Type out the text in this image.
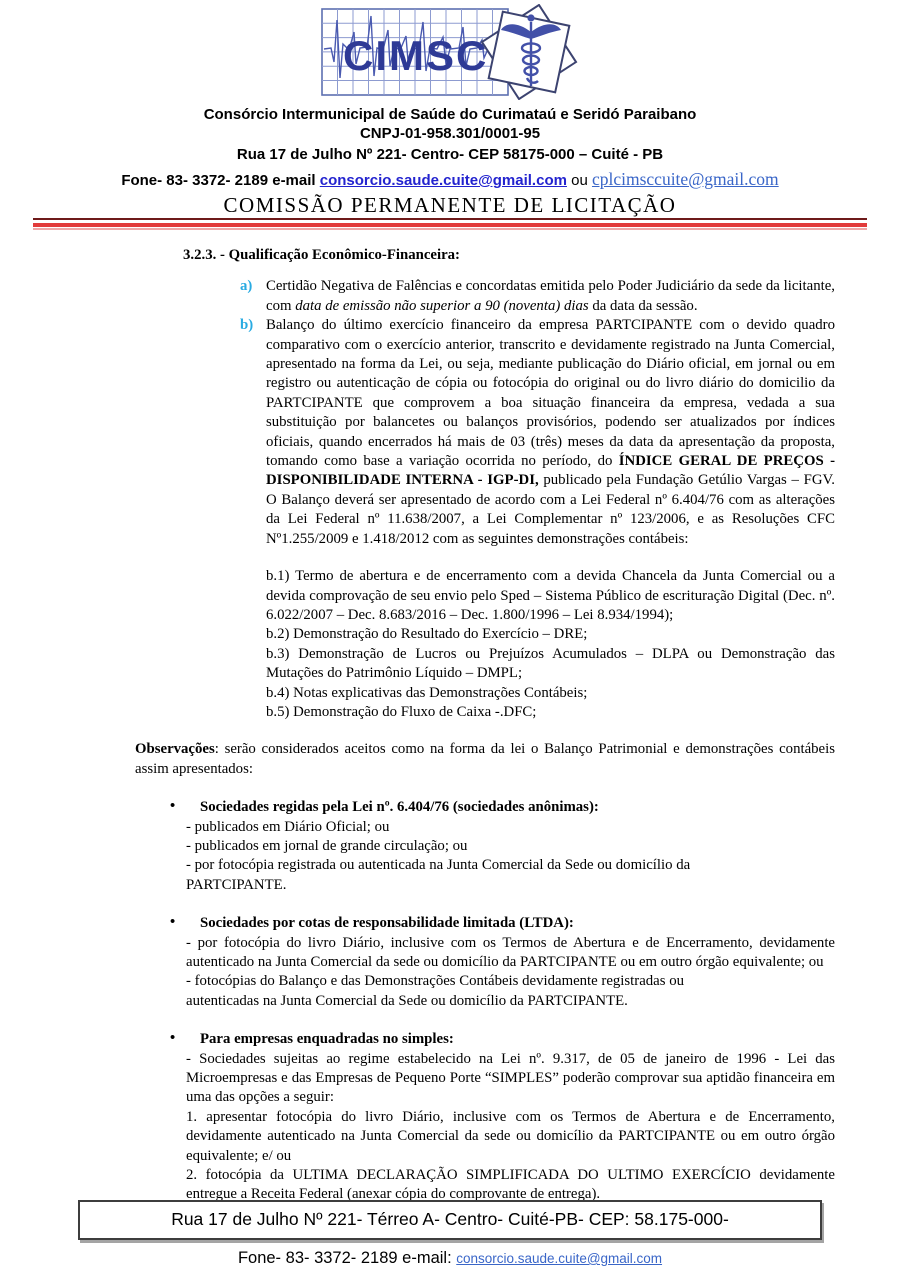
CIMSC
Consórcio Intermunicipal de Saúde do Curimataú e Seridó Paraibano
CNPJ-01-958.301/0001-95
Rua 17 de Julho Nº 221- Centro- CEP 58175-000 – Cuité - PB
Fone- 83- 3372- 2189 e-mail consorcio.saude.cuite@gmail.com ou cplcimsccuite@gmail.com
COMISSÃO PERMANENTE DE LICITAÇÃO
3.2.3. - Qualificação Econômico-Financeira:
a) Certidão Negativa de Falências e concordatas emitida pelo Poder Judiciário da sede da licitante, com data de emissão não superior a 90 (noventa) dias da data da sessão.
b) Balanço do último exercício financeiro da empresa PARTCIPANTE com o devido quadro comparativo com o exercício anterior, transcrito e devidamente registrado na Junta Comercial, apresentado na forma da Lei, ou seja, mediante publicação do Diário oficial, em jornal ou em registro ou autenticação de cópia ou fotocópia do original ou do livro diário do domicilio da PARTCIPANTE que comprovem a boa situação financeira da empresa, vedada a sua substituição por balancetes ou balanços provisórios, podendo ser atualizados por índices oficiais, quando encerrados há mais de 03 (três) meses da data da apresentação da proposta, tomando como base a variação ocorrida no período, do ÍNDICE GERAL DE PREÇOS - DISPONIBILIDADE INTERNA - IGP-DI, publicado pela Fundação Getúlio Vargas – FGV. O Balanço deverá ser apresentado de acordo com a Lei Federal nº 6.404/76 com as alterações da Lei Federal nº 11.638/2007, a Lei Complementar nº 123/2006, e as Resoluções CFC Nº1.255/2009 e 1.418/2012 com as seguintes demonstrações contábeis:
b.1) Termo de abertura e de encerramento com a devida Chancela da Junta Comercial ou a devida comprovação de seu envio pelo Sped – Sistema Público de escrituração Digital (Dec. nº. 6.022/2007 – Dec. 8.683/2016 – Dec. 1.800/1996 – Lei 8.934/1994);
b.2) Demonstração do Resultado do Exercício – DRE;
b.3) Demonstração de Lucros ou Prejuízos Acumulados – DLPA ou Demonstração das Mutações do Patrimônio Líquido – DMPL;
b.4) Notas explicativas das Demonstrações Contábeis;
b.5) Demonstração do Fluxo de Caixa -.DFC;
Observações: serão considerados aceitos como na forma da lei o Balanço Patrimonial e demonstrações contábeis assim apresentados:
•	Sociedades regidas pela Lei nº. 6.404/76 (sociedades anônimas):
- publicados em Diário Oficial; ou
- publicados em jornal de grande circulação; ou
- por fotocópia registrada ou autenticada na Junta Comercial da Sede ou domicílio da
PARTCIPANTE.
•	Sociedades por cotas de responsabilidade limitada (LTDA):
- por fotocópia do livro Diário, inclusive com os Termos de Abertura e de Encerramento, devidamente autenticado na Junta Comercial da sede ou domicílio da PARTCIPANTE ou em outro órgão equivalente; ou
- fotocópias do Balanço e das Demonstrações Contábeis devidamente registradas ou
autenticadas na Junta Comercial da Sede ou domicílio da PARTCIPANTE.
•	Para empresas enquadradas no simples:
- Sociedades sujeitas ao regime estabelecido na Lei nº. 9.317, de 05 de janeiro de 1996 - Lei das Microempresas e das Empresas de Pequeno Porte “SIMPLES” poderão comprovar sua aptidão financeira em uma das opções a seguir:
1. apresentar fotocópia do livro Diário, inclusive com os Termos de Abertura e de Encerramento, devidamente autenticado na Junta Comercial da sede ou domicílio da PARTCIPANTE ou em outro órgão equivalente; e/ ou
2. fotocópia da ULTIMA DECLARAÇÃO SIMPLIFICADA DO ULTIMO EXERCÍCIO devidamente entregue a Receita Federal (anexar cópia do comprovante de entrega).
Rua 17 de Julho Nº 221- Térreo A- Centro- Cuité-PB- CEP: 58.175-000-
Fone- 83- 3372- 2189 e-mail: consorcio.saude.cuite@gmail.com
